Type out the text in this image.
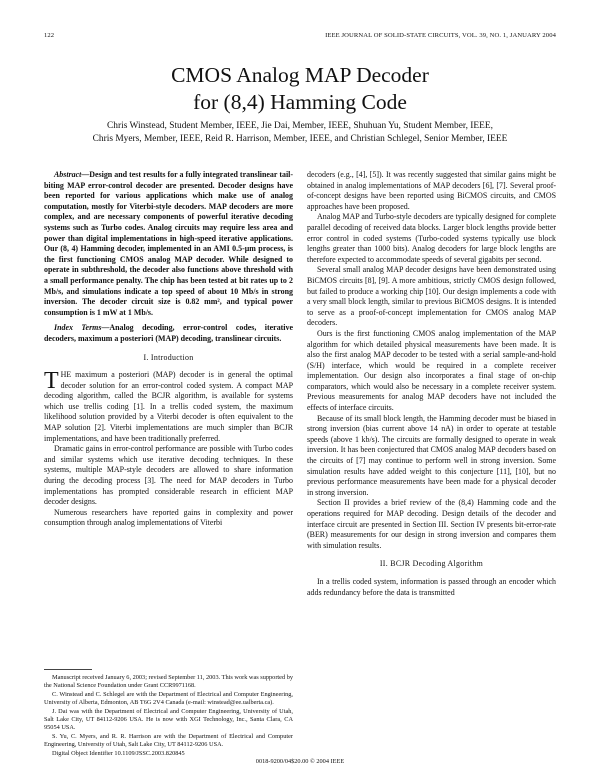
122	IEEE JOURNAL OF SOLID-STATE CIRCUITS, VOL. 39, NO. 1, JANUARY 2004
CMOS Analog MAP Decoder
for (8,4) Hamming Code
Chris Winstead, Student Member, IEEE, Jie Dai, Member, IEEE, Shuhuan Yu, Student Member, IEEE,
Chris Myers, Member, IEEE, Reid R. Harrison, Member, IEEE, and Christian Schlegel, Senior Member, IEEE

Abstract—Design and test results for a fully integrated translinear tail-biting MAP error-control decoder are presented. Decoder designs have been reported for various applications which make use of analog computation, mostly for Viterbi-style decoders. MAP decoders are more complex, and are necessary components of powerful iterative decoding systems such as Turbo codes. Analog circuits may require less area and power than digital implementations in high-speed iterative applications. Our (8, 4) Hamming decoder, implemented in an AMI 0.5-μm process, is the first functioning CMOS analog MAP decoder. While designed to operate in subthreshold, the decoder also functions above threshold with a small performance penalty. The chip has been tested at bit rates up to 2 Mb/s, and simulations indicate a top speed of about 10 Mb/s in strong inversion. The decoder circuit size is 0.82 mm², and typical power consumption is 1 mW at 1 Mb/s.

Index Terms—Analog decoding, error-control codes, iterative decoders, maximum a posteriori (MAP) decoding, translinear circuits.

I. Introduction

THE maximum a posteriori (MAP) decoder is in general the optimal decoder solution for an error-control coded system. A compact MAP decoding algorithm, called the BCJR algorithm, is available for systems which use trellis coding [1]. In a trellis coded system, the maximum likelihood solution provided by a Viterbi decoder is often equivalent to the MAP solution [2]. Viterbi implementations are much simpler than BCJR implementations, and have been traditionally preferred.

Dramatic gains in error-control performance are possible with Turbo codes and similar systems which use iterative decoding techniques. In these systems, multiple MAP-style decoders are allowed to share information during the decoding process [3]. The need for MAP decoders in Turbo implementations has prompted considerable research in efficient MAP decoder designs.

Numerous researchers have reported gains in complexity and power consumption through analog implementations of Viterbi

Manuscript received January 6, 2003; revised September 11, 2003. This work was supported by the National Science Foundation under Grant CCR9971168.

C. Winstead and C. Schlegel are with the Department of Electrical and Computer Engineering, University of Alberta, Edmonton, AB T6G 2V4 Canada (e-mail: winstead@ee.ualberta.ca).

J. Dai was with the Department of Electrical and Computer Engineering, University of Utah, Salt Lake City, UT 84112-9206 USA. He is now with XGI Technology, Inc., Santa Clara, CA 95054 USA.

S. Yu, C. Myers, and R. R. Harrison are with the Department of Electrical and Computer Engineering, University of Utah, Salt Lake City, UT 84112-9206 USA.

Digital Object Identifier 10.1109/JSSC.2003.820845

decoders (e.g., [4], [5]). It was recently suggested that similar gains might be obtained in analog implementations of MAP decoders [6], [7]. Several proof-of-concept designs have been reported using BiCMOS circuits, and CMOS approaches have been proposed.

Analog MAP and Turbo-style decoders are typically designed for complete parallel decoding of received data blocks. Larger block lengths provide better error control in coded systems (Turbo-coded systems typically use block lengths greater than 1000 bits). Analog decoders for large block lengths are therefore expected to accommodate speeds of several gigabits per second.

Several small analog MAP decoder designs have been demonstrated using BiCMOS circuits [8], [9]. A more ambitious, strictly CMOS design followed, but failed to produce a working chip [10]. Our design implements a code with a very small block length, similar to previous BiCMOS designs. It is intended to serve as a proof-of-concept implementation for CMOS analog MAP decoders.

Ours is the first functioning CMOS analog implementation of the MAP algorithm for which detailed physical measurements have been made. It is also the first analog MAP decoder to be tested with a serial sample-and-hold (S/H) interface, which would be required in a complete receiver implementation. Our design also incorporates a final stage of on-chip comparators, which would also be necessary in a complete receiver system. Previous measurements for analog MAP decoders have not included the effects of interface circuits.

Because of its small block length, the Hamming decoder must be biased in strong inversion (bias current above 14 nA) in order to operate at testable speeds (above 1 kb/s). The circuits are formally designed to operate in weak inversion. It has been conjectured that CMOS analog MAP decoders based on the circuits of [7] may continue to perform well in strong inversion. Some simulation results have added weight to this conjecture [11], [10], but no previous performance measurements have been made for a physical decoder in strong inversion.

Section II provides a brief review of the (8,4) Hamming code and the operations required for MAP decoding. Design details of the decoder and interface circuit are presented in Section III. Section IV presents bit-error-rate (BER) measurements for our design in strong inversion and compares them with simulation results.

II. BCJR Decoding Algorithm

In a trellis coded system, information is passed through an encoder which adds redundancy before the data is transmitted

0018-9200/04$20.00 © 2004 IEEE
